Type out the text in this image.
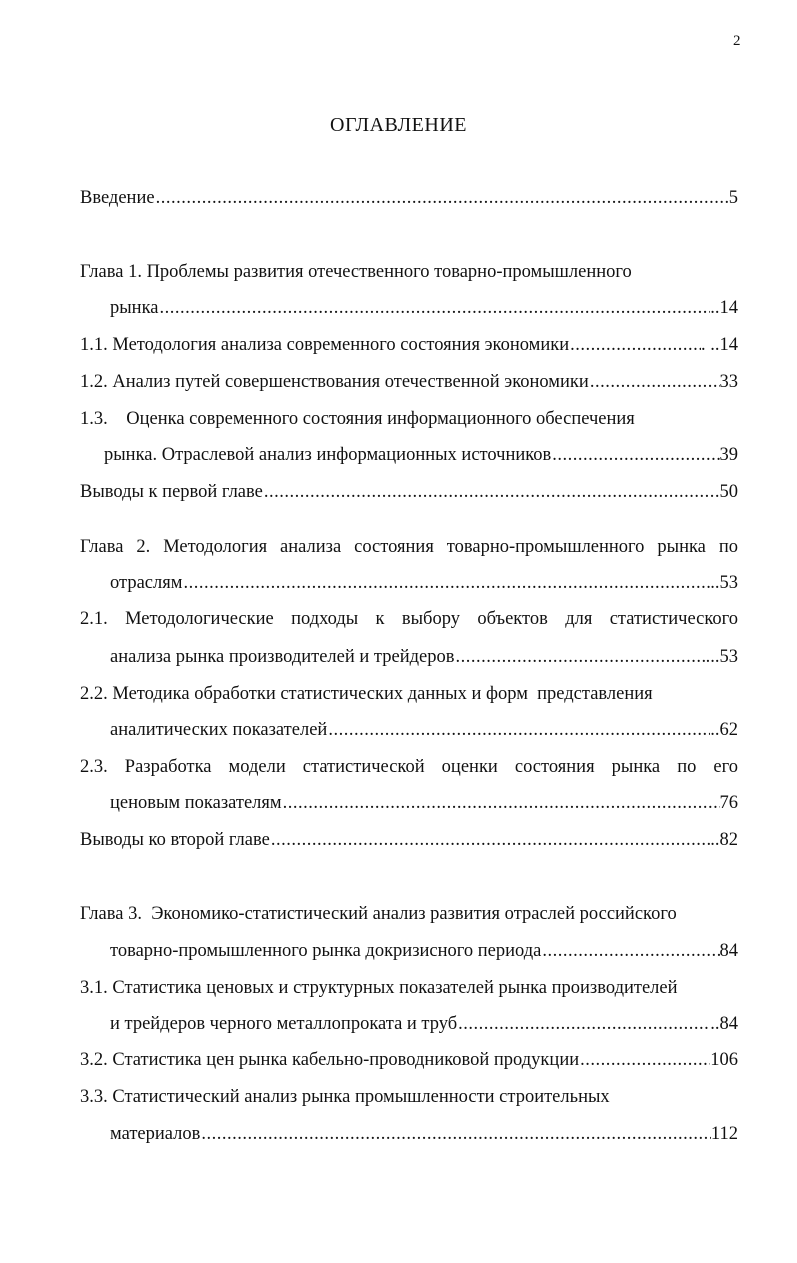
2
ОГЛАВЛЕНИЕ
Введение .....	5
Глава 1. Проблемы развития отечественного товарно-промышленного
рынка .....	..14
1.1. Методология анализа современного состояния экономики .....	. ..14
1.2. Анализ путей совершенствования отечественной экономики .....	33
1.3.    Оценка современного состояния информационного обеспечения
рынка. Отраслевой анализ информационных источников .....	39
Выводы к первой главе .....	50
Глава 2. Методология анализа состояния товарно-промышленного рынка по
отраслям .....	..53
2.1. Методологические подходы к выбору объектов для статистического
анализа рынка производителей и трейдеров .....	...53
2.2. Методика обработки статистических данных и форм  представления
аналитических показателей .....	..62
2.3. Разработка модели статистической оценки состояния рынка по его
ценовым показателям .....	76
Выводы ко второй главе .....	..82
Глава 3.  Экономико-статистический анализ развития отраслей российского
товарно-промышленного рынка докризисного периода .....	84
3.1. Статистика ценовых и структурных показателей рынка производителей
и трейдеров черного металлопроката и труб .....	..84
3.2. Статистика цен рынка кабельно-проводниковой продукции .....	106
3.3. Статистический анализ рынка промышленности строительных
материалов .....	112
